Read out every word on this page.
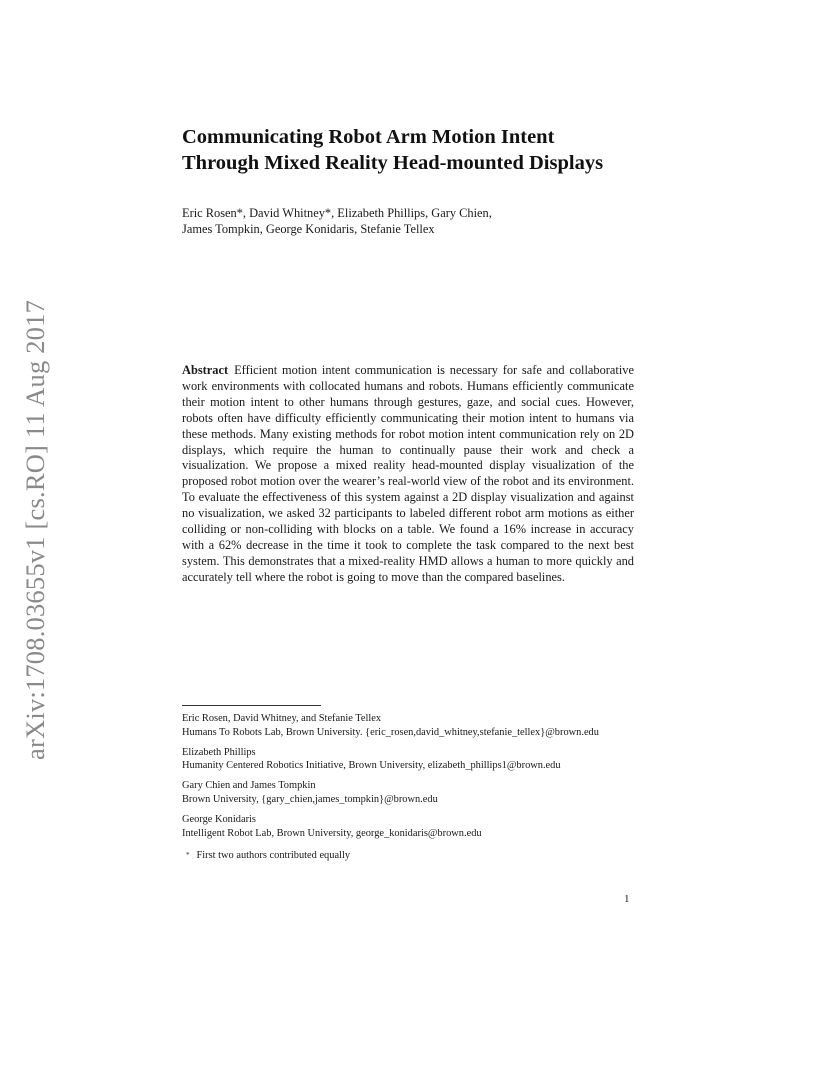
arXiv:1708.03655v1 [cs.RO] 11 Aug 2017
Communicating Robot Arm Motion Intent
Through Mixed Reality Head-mounted Displays

Eric Rosen*, David Whitney*, Elizabeth Phillips, Gary Chien,
James Tompkin, George Konidaris, Stefanie Tellex

Abstract Efficient motion intent communication is necessary for safe and collaborative work environments with collocated humans and robots. Humans efficiently communicate their motion intent to other humans through gestures, gaze, and social cues. However, robots often have difficulty efficiently communicating their motion intent to humans via these methods. Many existing methods for robot motion intent communication rely on 2D displays, which require the human to continually pause their work and check a visualization. We propose a mixed reality head-mounted display visualization of the proposed robot motion over the wearer’s real-world view of the robot and its environment. To evaluate the effectiveness of this system against a 2D display visualization and against no visualization, we asked 32 participants to labeled different robot arm motions as either colliding or non-colliding with blocks on a table. We found a 16% increase in accuracy with a 62% decrease in the time it took to complete the task compared to the next best system. This demonstrates that a mixed-reality HMD allows a human to more quickly and accurately tell where the robot is going to move than the compared baselines.

Eric Rosen, David Whitney, and Stefanie Tellex
Humans To Robots Lab, Brown University. {eric_rosen,david_whitney,stefanie_tellex}@brown.edu
Elizabeth Phillips
Humanity Centered Robotics Initiative, Brown University, elizabeth_phillips1@brown.edu
Gary Chien and James Tompkin
Brown University, {gary_chien,james_tompkin}@brown.edu
George Konidaris
Intelligent Robot Lab, Brown University, george_konidaris@brown.edu
* First two authors contributed equally
1
